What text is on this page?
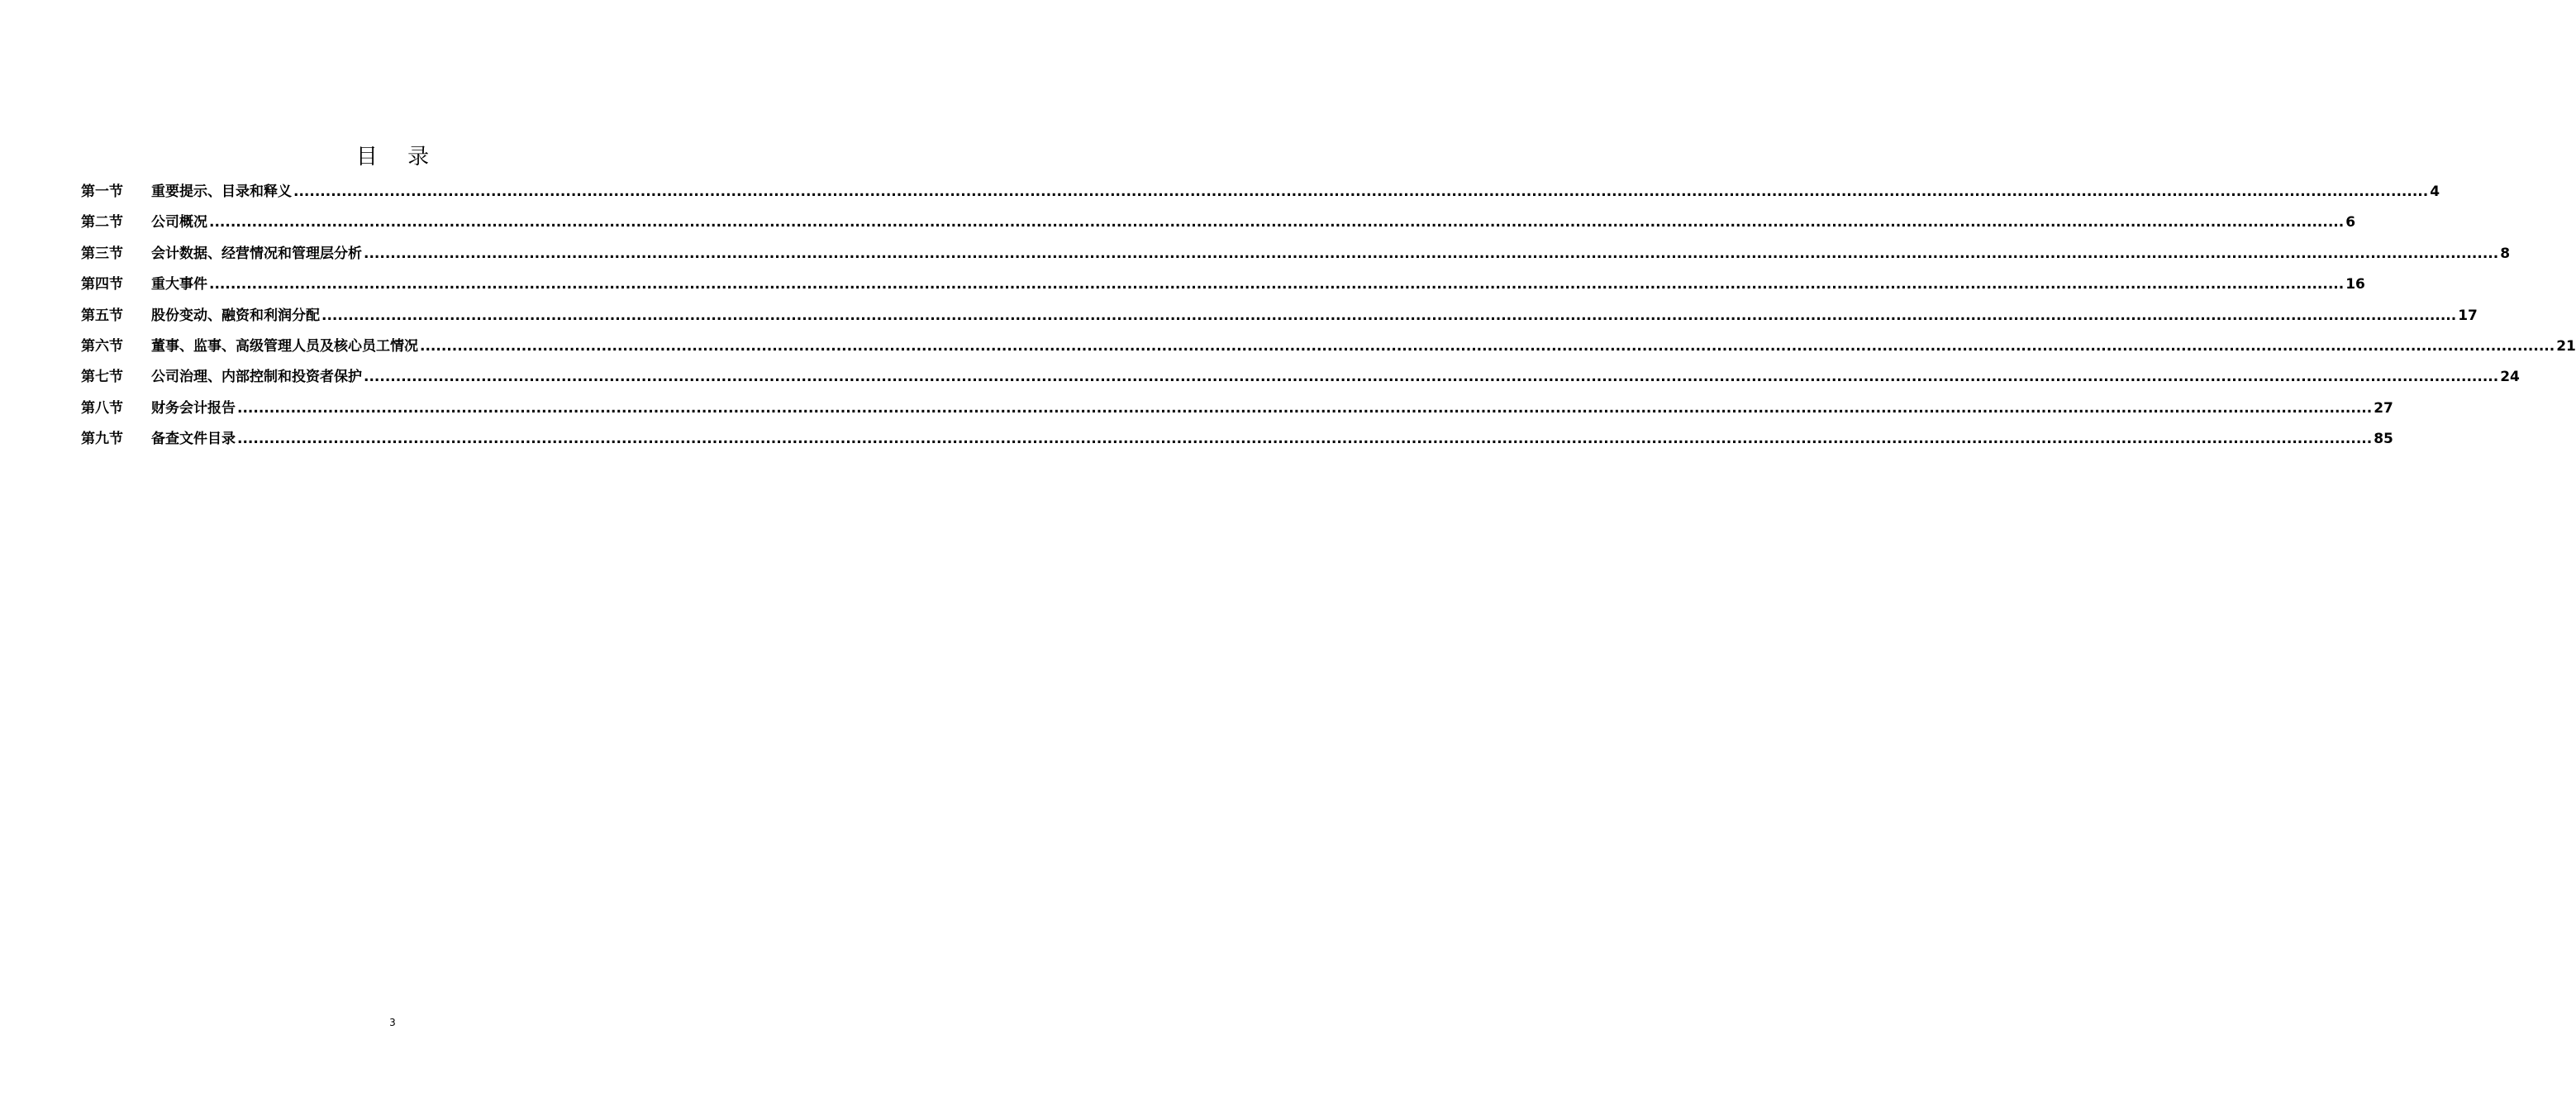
目 录
第一节	重要提示、目录和释义 ................................................................................................................................................................................................................................................................................................................................................................................................................ 4
第二节	公司概况 ................................................................................................................................................................................................................................................................................................................................................................................................................ 6
第三节	会计数据、经营情况和管理层分析 ................................................................................................................................................................................................................................................................................................................................................................................................................ 8
第四节	重大事件 ................................................................................................................................................................................................................................................................................................................................................................................................................ 16
第五节	股份变动、融资和利润分配 ................................................................................................................................................................................................................................................................................................................................................................................................................ 17
第六节	董事、监事、高级管理人员及核心员工情况 ................................................................................................................................................................................................................................................................................................................................................................................................................ 21
第七节	公司治理、内部控制和投资者保护 ................................................................................................................................................................................................................................................................................................................................................................................................................ 24
第八节	财务会计报告 ................................................................................................................................................................................................................................................................................................................................................................................................................ 27
第九节	备查文件目录 ................................................................................................................................................................................................................................................................................................................................................................................................................ 85
3
